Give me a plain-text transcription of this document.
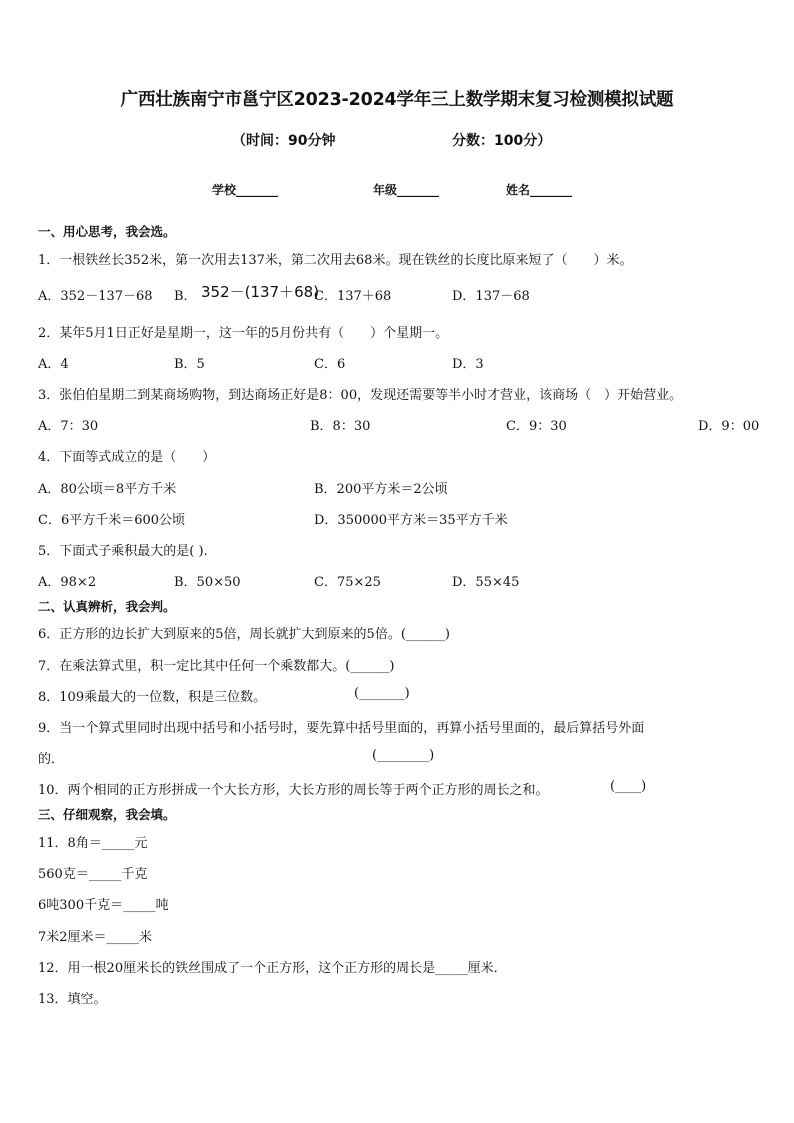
广西壮族南宁市邕宁区2023-2024学年三上数学期末复习检测模拟试题
（时间：90分钟	分数：100分）
学校_______	年级_______	姓名_______
一、用心思考，我会选。
1．一根铁丝长352米，第一次用去137米，第二次用去68米。现在铁丝的长度比原来短了（　　）米。
A．352－137－68 B． 352－(137＋68)
C．137＋68	D．137－68
2．某年5月1日正好是星期一，这一年的5月份共有（　　）个星期一。
A．4	B．5	C．6	D．3
3．张伯伯星期二到某商场购物，到达商场正好是8：00，发现还需要等半小时才营业，该商场（　）开始营业。
A．7：30	B．8：30	C．9：30	D．9：00
4．下面等式成立的是（　　）
A．80公顷＝8平方千米	B．200平方米＝2公顷
C．6平方千米＝600公顷	D．350000平方米＝35平方千米
5．下面式子乘积最大的是( ).
A．98×2	B．50×50	C．75×25	D．55×45
二、认真辨析，我会判。
6．正方形的边长扩大到原来的5倍，周长就扩大到原来的5倍。(______)
7．在乘法算式里，积一定比其中任何一个乘数都大。(______)
8．109乘最大的一位数，积是三位数。	(_______)
9．当一个算式里同时出现中括号和小括号时，要先算中括号里面的，再算小括号里面的，最后算括号外面
的．	(________)
10．两个相同的正方形拼成一个大长方形，大长方形的周长等于两个正方形的周长之和。	(____)
三、仔细观察，我会填。
11．8角＝_____元
560克＝_____千克
6吨300千克＝_____吨
7米2厘米＝_____米
12．用一根20厘米长的铁丝围成了一个正方形，这个正方形的周长是_____厘米．
13．填空。
